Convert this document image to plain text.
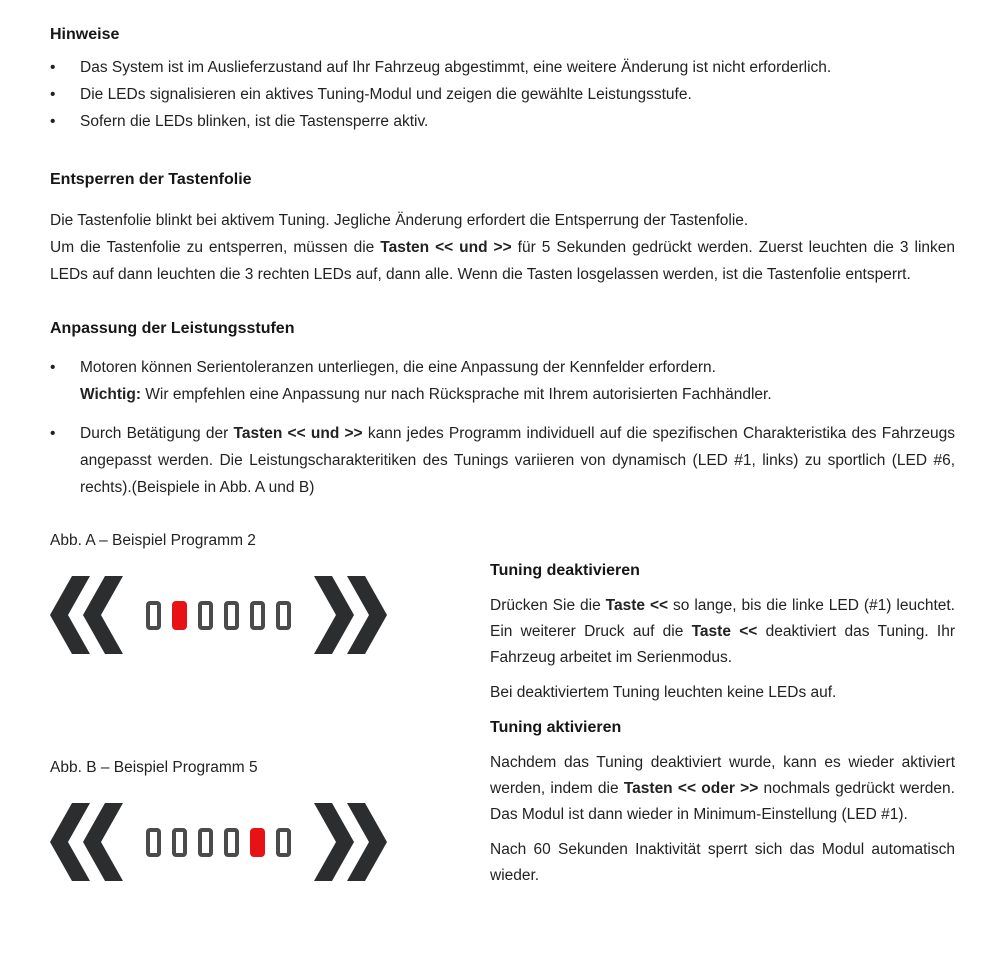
Hinweise
•	Das System ist im Auslieferzustand auf Ihr Fahrzeug abgestimmt, eine weitere Änderung ist nicht erforderlich.
•	Die LEDs signalisieren ein aktives Tuning-Modul und zeigen die gewählte Leistungsstufe.
•	Sofern die LEDs blinken, ist die Tastensperre aktiv.
Entsperren der Tastenfolie

Die Tastenfolie blinkt bei aktivem Tuning. Jegliche Änderung erfordert die Entsperrung der Tastenfolie.

Um die Tastenfolie zu entsperren, müssen die Tasten << und >> für 5 Sekunden gedrückt werden. Zuerst leuchten die 3 linken LEDs auf dann leuchten die 3 rechten LEDs auf, dann alle. Wenn die Tasten losgelassen werden, ist die Tastenfolie entsperrt.

Anpassung der Leistungsstufen
•	Motoren können Serientoleranzen unterliegen, die eine Anpassung der Kennfelder erfordern.
Wichtig: Wir empfehlen eine Anpassung nur nach Rücksprache mit Ihrem autorisierten Fachhändler.
•	Durch Betätigung der Tasten << und >> kann jedes Programm individuell auf die spezifischen Charakteristika des Fahrzeugs angepasst werden. Die Leistungscharakteritiken des Tunings variieren von dynamisch (LED #1, links) zu sportlich (LED #6, rechts).(Beispiele in Abb. A und B)
Abb. A – Beispiel Programm 2
Abb. B – Beispiel Programm 5
Tuning deaktivieren

Drücken Sie die Taste << so lange, bis die linke LED (#1) leuchtet. Ein weiterer Druck auf die Taste << deaktiviert das Tuning. Ihr Fahrzeug arbeitet im Serienmodus.

Bei deaktiviertem Tuning leuchten keine LEDs auf.

Tuning aktivieren

Nachdem das Tuning deaktiviert wurde, kann es wieder aktiviert werden, indem die Tasten << oder >> nochmals gedrückt werden. Das Modul ist dann wieder in Minimum-Einstellung (LED #1).

Nach 60 Sekunden Inaktivität sperrt sich das Modul automatisch wieder.
